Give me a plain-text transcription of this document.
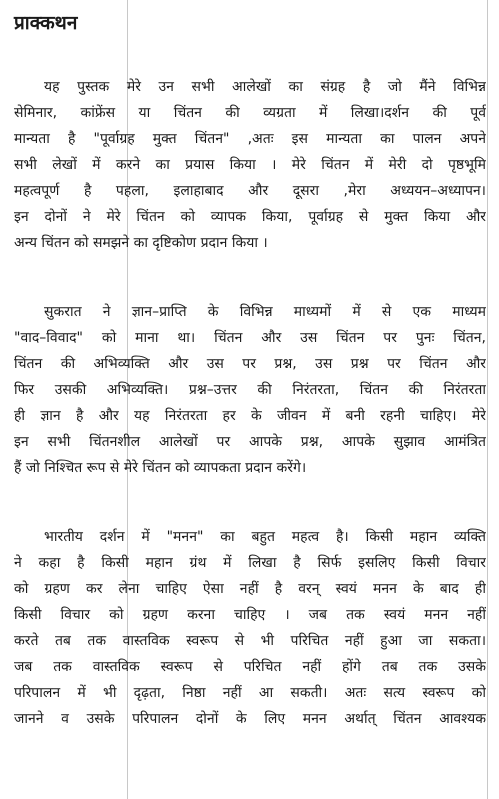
प्राक्कथन
यह पुस्तक मेरे उन सभी आलेखों का संग्रह है जो मैंने विभिन्न
सेमिनार, कांफ्रेंस या चिंतन की व्यग्रता में लिखा।दर्शन की पूर्व
मान्यता है "पूर्वाग्रह मुक्त चिंतन" ,अतः इस मान्यता का पालन अपने
सभी लेखों में करने का प्रयास किया । मेरे चिंतन में मेरी दो पृष्ठभूमि
महत्वपूर्ण है पहला, इलाहाबाद और दूसरा ,मेरा अध्ययन–अध्यापन।
इन दोनों ने मेरे चिंतन को व्यापक किया, पूर्वाग्रह से मुक्त किया और
अन्य चिंतन को समझने का दृष्टिकोण प्रदान किया ।
सुकरात ने ज्ञान–प्राप्ति के विभिन्न माध्यमों में से एक माध्यम
"वाद–विवाद" को माना था। चिंतन और उस चिंतन पर पुनः चिंतन,
चिंतन की अभिव्यक्ति और उस पर प्रश्न, उस प्रश्न पर चिंतन और
फिर उसकी अभिव्यक्ति। प्रश्न–उत्तर की निरंतरता, चिंतन की निरंतरता
ही ज्ञान है और यह निरंतरता हर के जीवन में बनी रहनी चाहिए। मेरे
इन सभी चिंतनशील आलेखों पर आपके प्रश्न, आपके सुझाव आमंत्रित
हैं जो निश्चित रूप से मेरे चिंतन को व्यापकता प्रदान करेंगे।
भारतीय दर्शन में "मनन" का बहुत महत्व है। किसी महान व्यक्ति
ने कहा है किसी महान ग्रंथ में लिखा है सिर्फ इसलिए किसी विचार
को ग्रहण कर लेना चाहिए ऐसा नहीं है वरन् स्वयं मनन के बाद ही
किसी विचार को ग्रहण करना चाहिए । जब तक स्वयं मनन नहीं
करते तब तक वास्तविक स्वरूप से भी परिचित नहीं हुआ जा सकता।
जब तक वास्तविक स्वरूप से परिचित नहीं होंगे तब तक उसके
परिपालन में भी दृढ़ता, निष्ठा नहीं आ सकती। अतः सत्य स्वरूप को
जानने व उसके परिपालन दोनों के लिए मनन अर्थात् चिंतन आवश्यक
